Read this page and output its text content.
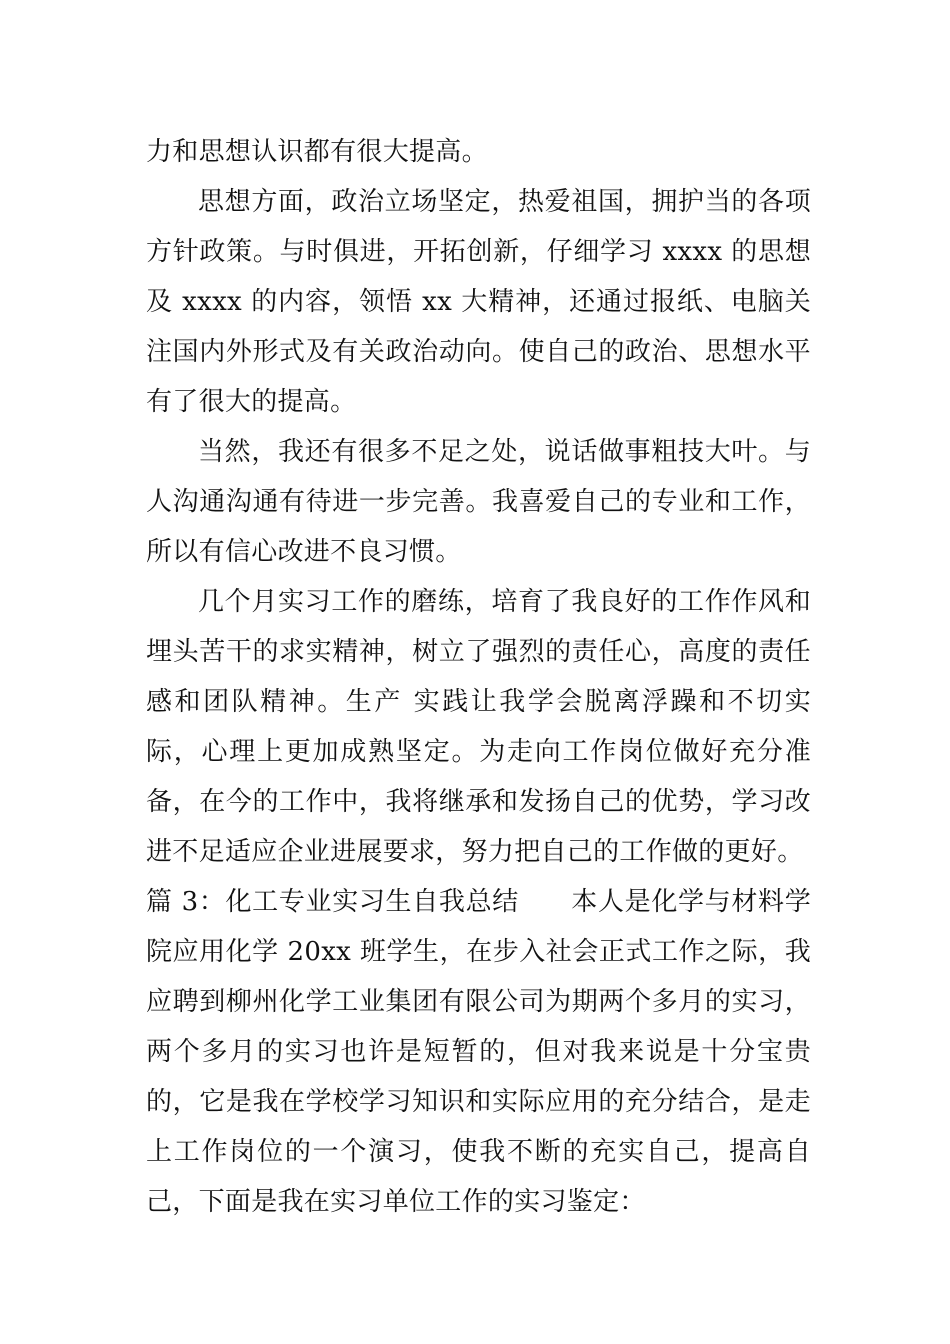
力和思想认识都有很大提高。

思想方面，政治立场坚定，热爱祖国，拥护当的各项方针政策。与时俱进，开拓创新，仔细学习 xxxx 的思想及 xxxx 的内容，领悟 xx 大精神，还通过报纸、电脑关注国内外形式及有关政治动向。使自己的政治、思想水平有了很大的提高。

当然，我还有很多不足之处，说话做事粗技大叶。与人沟通沟通有待进一步完善。我喜爱自己的专业和工作，所以有信心改进不良习惯。

几个月实习工作的磨练，培育了我良好的工作作风和埋头苦干的求实精神，树立了强烈的责任心，高度的责任感和团队精神。生产 实践让我学会脱离浮躁和不切实际，心理上更加成熟坚定。为走向工作岗位做好充分准备，在今的工作中，我将继承和发扬自己的优势，学习改进不足适应企业进展要求，努力把自己的工作做的更好。

篇 3：化工专业实习生自我总结 本人是化学与材料学院应用化学 20xx 班学生，在步入社会正式工作之际，我应聘到柳州化学工业集团有限公司为期两个多月的实习，两个多月的实习也许是短暂的，但对我来说是十分宝贵的，它是我在学校学习知识和实际应用的充分结合，是走上工作岗位的一个演习，使我不断的充实自己，提高自己，下面是我在实习单位工作的实习鉴定：
